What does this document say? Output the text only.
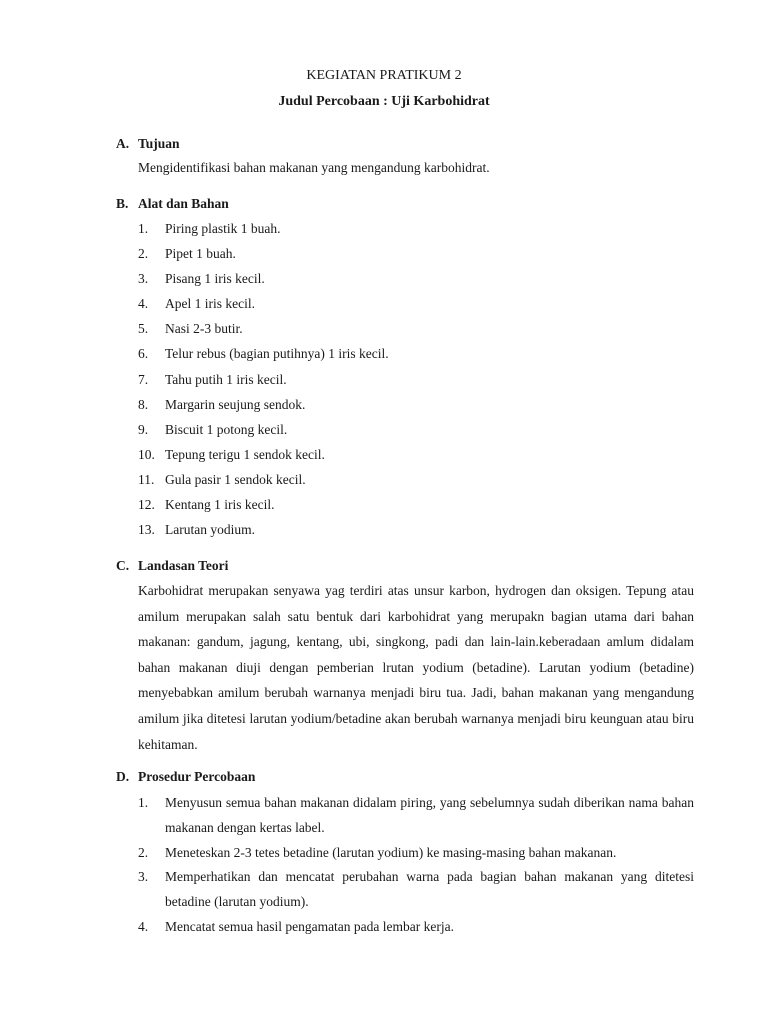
KEGIATAN PRATIKUM 2
Judul Percobaan : Uji Karbohidrat
A. Tujuan
Mengidentifikasi bahan makanan yang mengandung karbohidrat.
B. Alat dan Bahan
1. Piring plastik 1 buah.
2. Pipet 1 buah.
3. Pisang 1 iris kecil.
4. Apel 1 iris kecil.
5. Nasi 2-3 butir.
6. Telur rebus (bagian putihnya) 1 iris kecil.
7. Tahu putih 1 iris kecil.
8. Margarin seujung sendok.
9. Biscuit 1 potong kecil.
10. Tepung terigu 1 sendok kecil.
11. Gula pasir 1 sendok kecil.
12. Kentang 1 iris kecil.
13. Larutan yodium.
C. Landasan Teori
Karbohidrat merupakan senyawa yag terdiri atas unsur karbon, hydrogen dan oksigen. Tepung atau amilum merupakan salah satu bentuk dari karbohidrat yang merupakn bagian utama dari bahan makanan: gandum, jagung, kentang, ubi, singkong, padi dan lain-lain.keberadaan amlum didalam bahan makanan diuji dengan pemberian lrutan yodium (betadine). Larutan yodium (betadine) menyebabkan amilum berubah warnanya menjadi biru tua. Jadi, bahan makanan yang mengandung amilum jika ditetesi larutan yodium/betadine akan berubah warnanya menjadi biru keunguan atau biru kehitaman.
D. Prosedur Percobaan
1. Menyusun semua bahan makanan didalam piring, yang sebelumnya sudah diberikan nama bahan makanan dengan kertas label.
2. Meneteskan 2-3 tetes betadine (larutan yodium) ke masing-masing bahan makanan.
3. Memperhatikan dan mencatat perubahan warna pada bagian bahan makanan yang ditetesi betadine (larutan yodium).
4. Mencatat semua hasil pengamatan pada lembar kerja.
